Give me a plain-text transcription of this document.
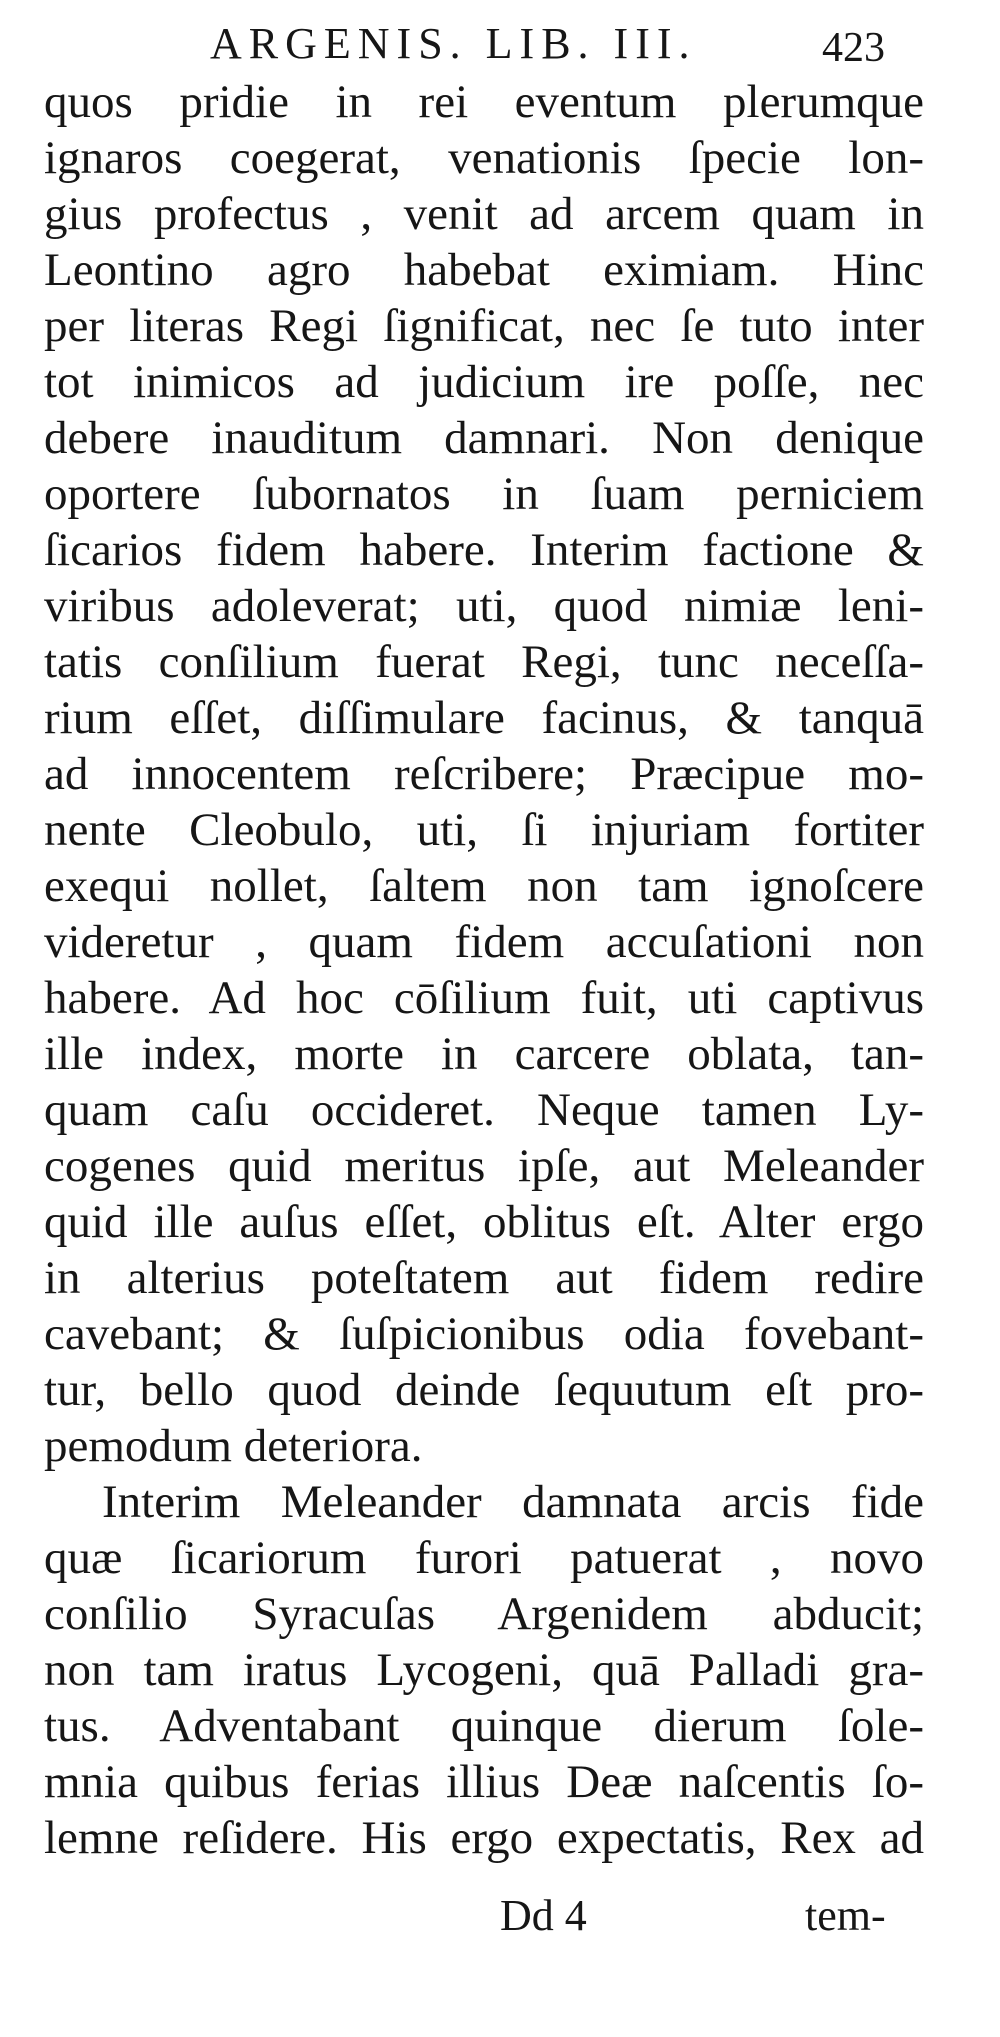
ARGENIS. LIB. III.	423
quos pridie in rei eventum plerumque
ignaros coegerat, venationis ſpecie lon-
gius profectus , venit ad arcem quam in
Leontino agro habebat eximiam. Hinc
per literas Regi ſignificat, nec ſe tuto inter
tot inimicos ad judicium ire poſſe, nec
debere inauditum damnari. Non denique
oportere ſubornatos in ſuam perniciem
ſicarios fidem habere. Interim factione &
viribus adoleverat; uti, quod nimiæ leni-
tatis conſilium fuerat Regi, tunc neceſſa-
rium eſſet, diſſimulare facinus, & tanquā
ad innocentem reſcribere; Præcipue mo-
nente Cleobulo, uti, ſi injuriam fortiter
exequi nollet, ſaltem non tam ignoſcere
videretur , quam fidem accuſationi non
habere. Ad hoc cōſilium fuit, uti captivus
ille index, morte in carcere oblata, tan-
quam caſu occideret. Neque tamen Ly-
cogenes quid meritus ipſe, aut Meleander
quid ille auſus eſſet, oblitus eſt. Alter ergo
in alterius poteſtatem aut fidem redire
cavebant; & ſuſpicionibus odia fovebant-
tur, bello quod deinde ſequutum eſt pro-
pemodum deteriora.
Interim Meleander damnata arcis fide
quæ ſicariorum furori patuerat , novo
conſilio Syracuſas Argenidem abducit;
non tam iratus Lycogeni, quā Palladi gra-
tus. Adventabant quinque dierum ſole-
mnia quibus ferias illius Deæ naſcentis ſo-
lemne reſidere. His ergo expectatis, Rex ad
Dd 4	tem-
